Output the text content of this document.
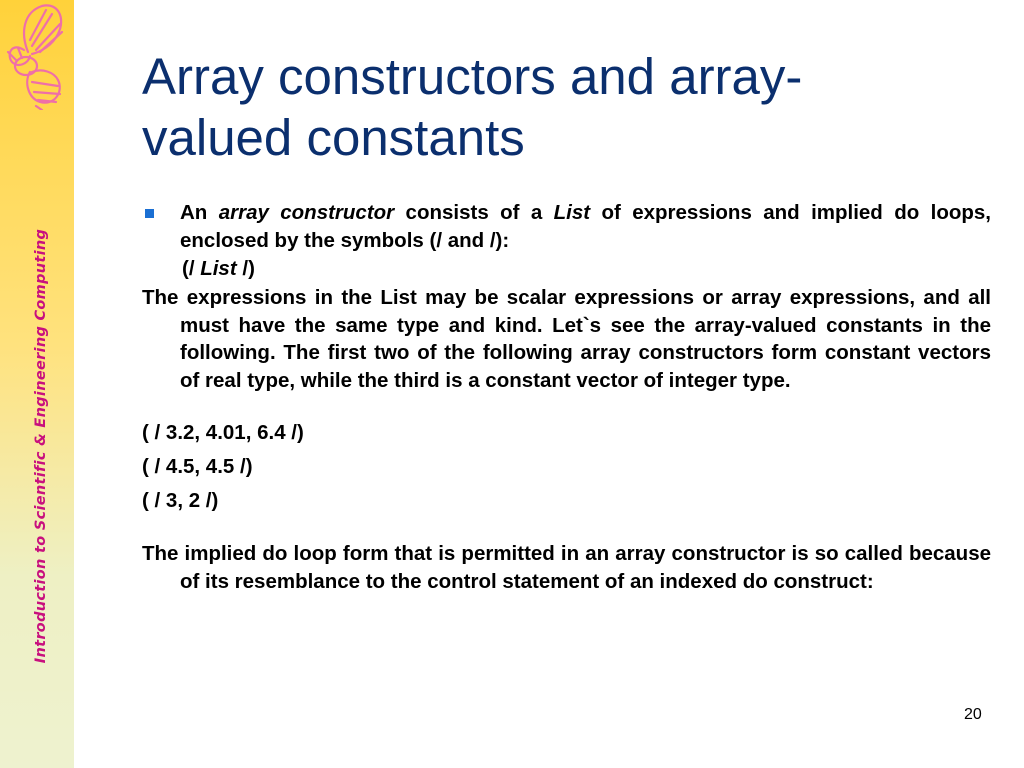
Introduction to Scientific & Engineering Computing
Array constructors and array-
valued constants

An array constructor consists of a List of expressions and implied do loops, enclosed by the symbols (/ and /):

(/ List /)

The expressions in the List may be scalar expressions or array expressions, and all must have the same type and kind. Let`s see the array-valued constants in the following. The first two of the following array constructors form constant vectors of real type, while the third is a constant vector of integer type.

( / 3.2, 4.01, 6.4 /)

( / 4.5, 4.5 /)

( / 3, 2 /)

The implied do loop form that is permitted in an array constructor is so called because of its resemblance to the control statement of an indexed do construct:

20
